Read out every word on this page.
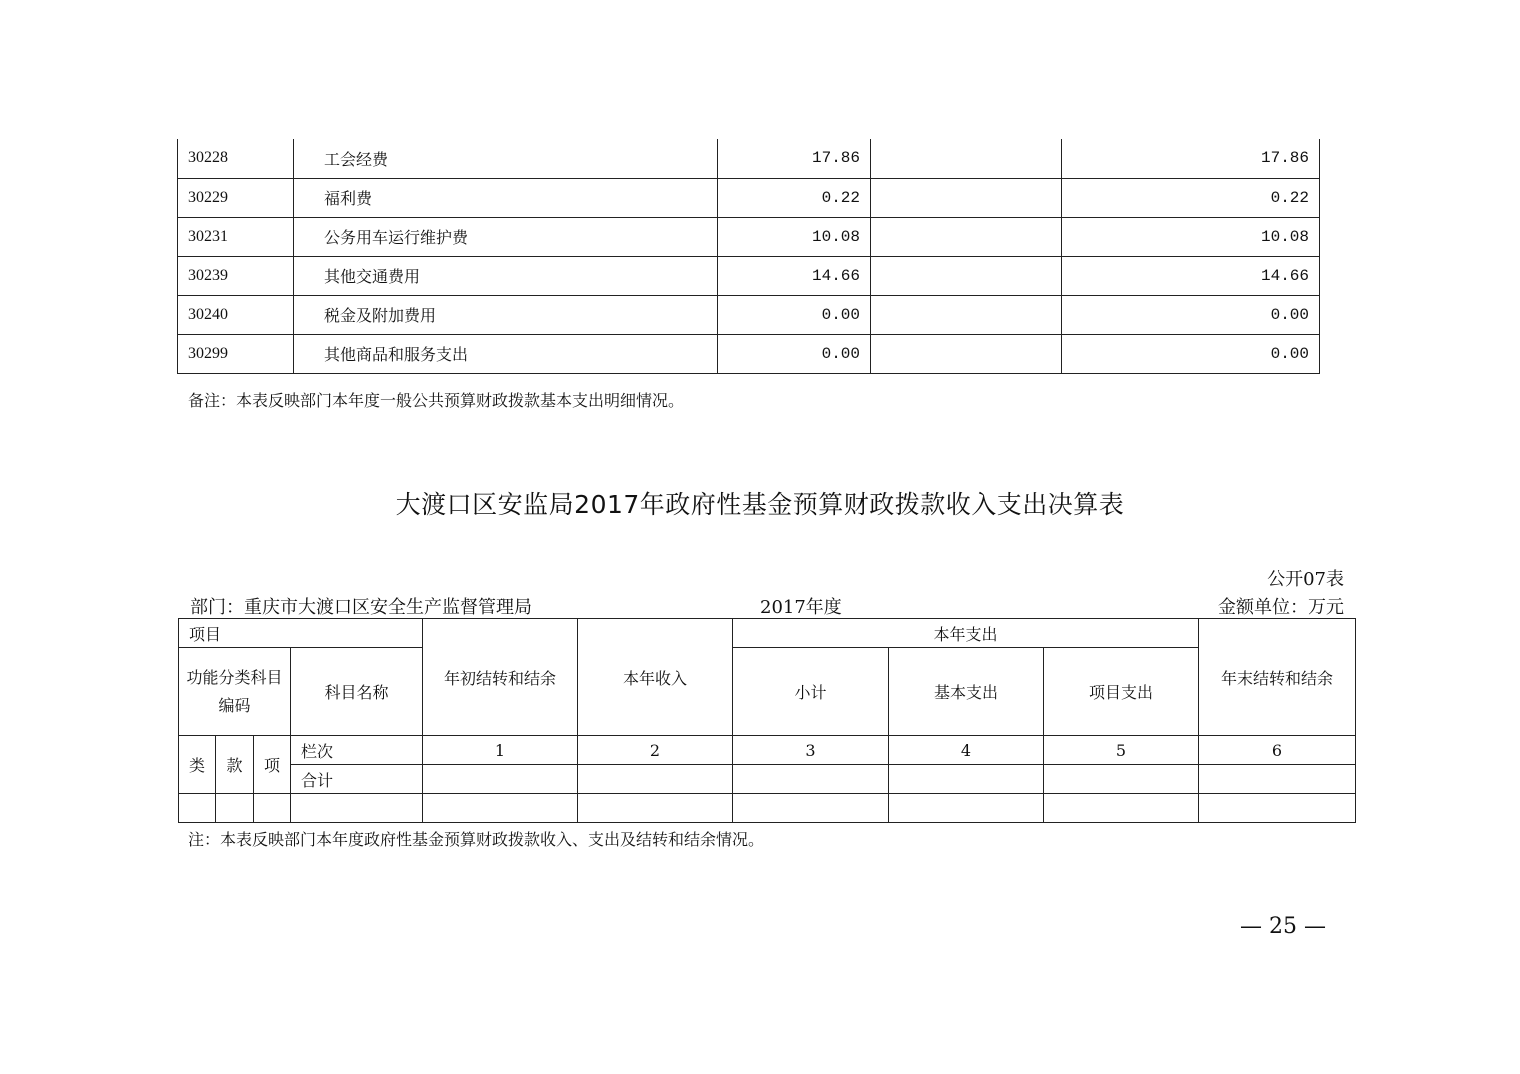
30228	工会经费	17.86		17.86
30229	福利费	0.22		0.22
30231	公务用车运行维护费	10.08		10.08
30239	其他交通费用	14.66		14.66
30240	税金及附加费用	0.00		0.00
30299	其他商品和服务支出	0.00		0.00
备注：本表反映部门本年度一般公共预算财政拨款基本支出明细情况。
大渡口区安监局2017年政府性基金预算财政拨款收入支出决算表
公开07表
部门：重庆市大渡口区安全生产监督管理局	2017年度	金额单位：万元
项目				年初结转和结余	本年收入	本年支出			年末结转和结余
功能分类科目编码			科目名称			小计	基本支出	项目支出	
类	款	项	栏次	1	2	3	4	5	6
			合计						

注：本表反映部门本年度政府性基金预算财政拨款收入、支出及结转和结余情况。
— 25 —
